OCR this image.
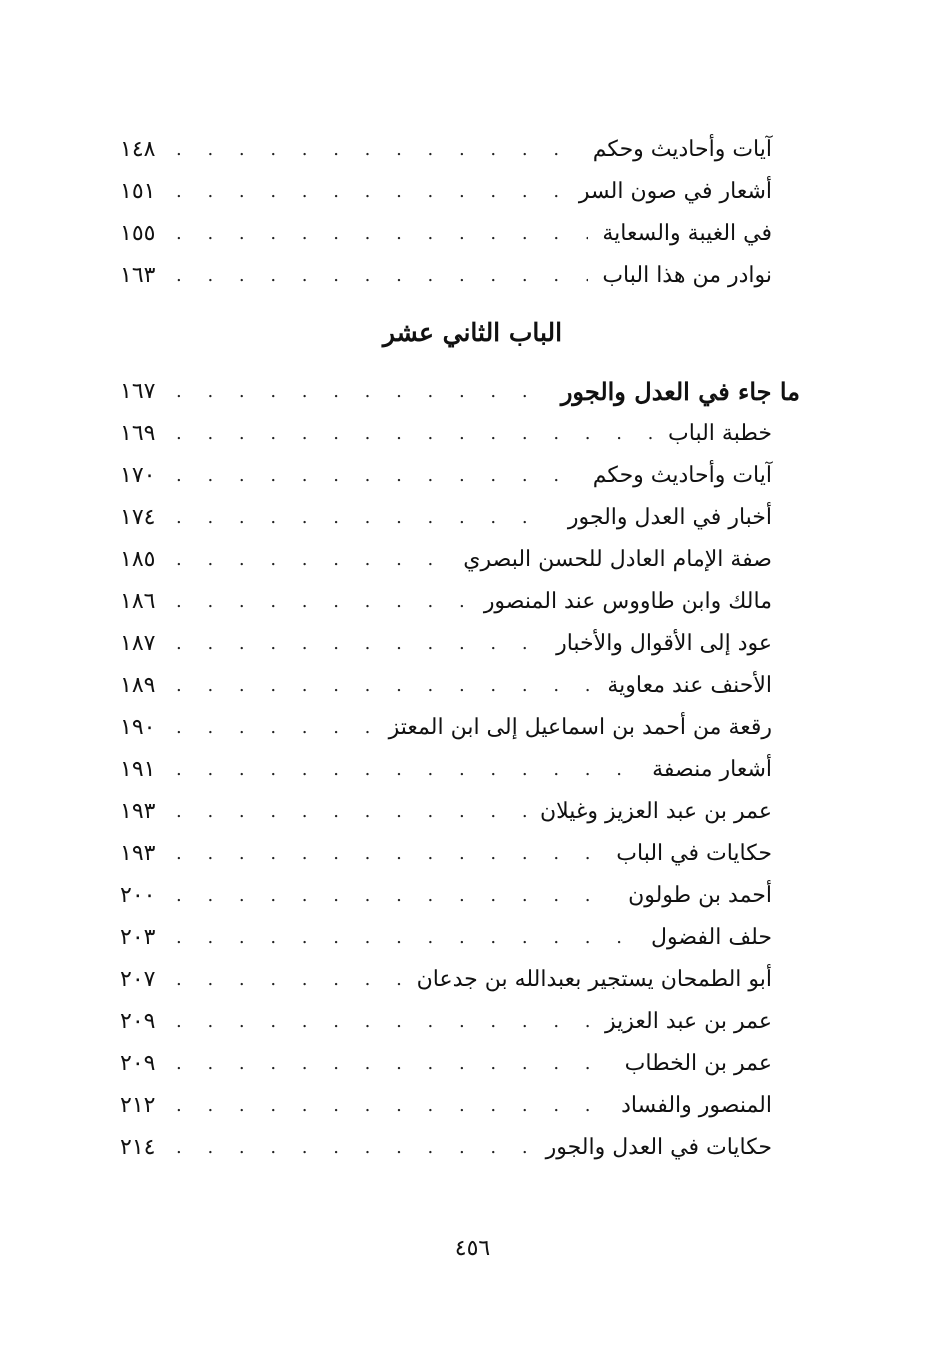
آيات وأحاديث وحكم
. . .
١٤٨
أشعار في صون السر
. . .
١٥١
في الغيبة والسعاية
. . .
١٥٥
نوادر من هذا الباب
. . .
١٦٣
الباب الثاني عشر
ما جاء في العدل والجور
. . .
١٦٧
خطبة الباب
. . .
١٦٩
آيات وأحاديث وحكم
. . .
١٧٠
أخبار في العدل والجور
. . .
١٧٤
صفة الإمام العادل للحسن البصري
. . .
١٨٥
مالك وابن طاووس عند المنصور
. . .
١٨٦
عود إلى الأقوال والأخبار
. . .
١٨٧
الأحنف عند معاوية
. . .
١٨٩
رقعة من أحمد بن اسماعيل إلى ابن المعتز
. . .
١٩٠
أشعار منصفة
. . .
١٩١
عمر بن عبد العزيز وغيلان
. . .
١٩٣
حكايات في الباب
. . .
١٩٣
أحمد بن طولون
. . .
٢٠٠
حلف الفضول
. . .
٢٠٣
أبو الطمحان يستجير بعبدالله بن جدعان
. . .
٢٠٧
عمر بن عبد العزيز
. . .
٢٠٩
عمر بن الخطاب
. . .
٢٠٩
المنصور والفساد
. . .
٢١٢
حكايات في العدل والجور
. . .
٢١٤
٤٥٦
